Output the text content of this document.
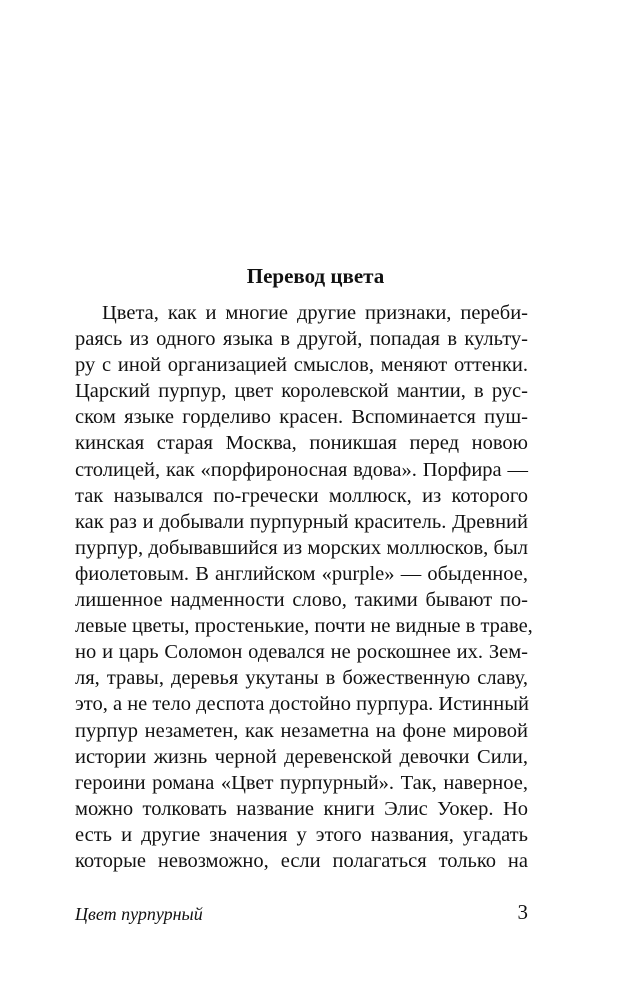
Перевод цвета
Цвета, как и многие другие признаки, переби-
раясь из одного языка в другой, попадая в культу-
ру с иной организацией смыслов, меняют оттенки.
Царский пурпур, цвет королевской мантии, в рус-
ском языке горделиво красен. Вспоминается пуш-
кинская старая Москва, поникшая перед новою
столицей, как «порфироносная вдова». Порфира —
так назывался по-гречески моллюск, из которого
как раз и добывали пурпурный краситель. Древний
пурпур, добывавшийся из морских моллюсков, был
фиолетовым. В английском «purple» — обыденное,
лишенное надменности слово, такими бывают по-
левые цветы, простенькие, почти не видные в траве,
но и царь Соломон одевался не роскошнее их. Зем-
ля, травы, деревья укутаны в божественную славу,
это, а не тело деспота достойно пурпура. Истинный
пурпур незаметен, как незаметна на фоне мировой
истории жизнь черной деревенской девочки Сили,
героини романа «Цвет пурпурный». Так, наверное,
можно толковать название книги Элис Уокер. Но
есть и другие значения у этого названия, угадать
которые невозможно, если полагаться только на
Цвет пурпурный	3
